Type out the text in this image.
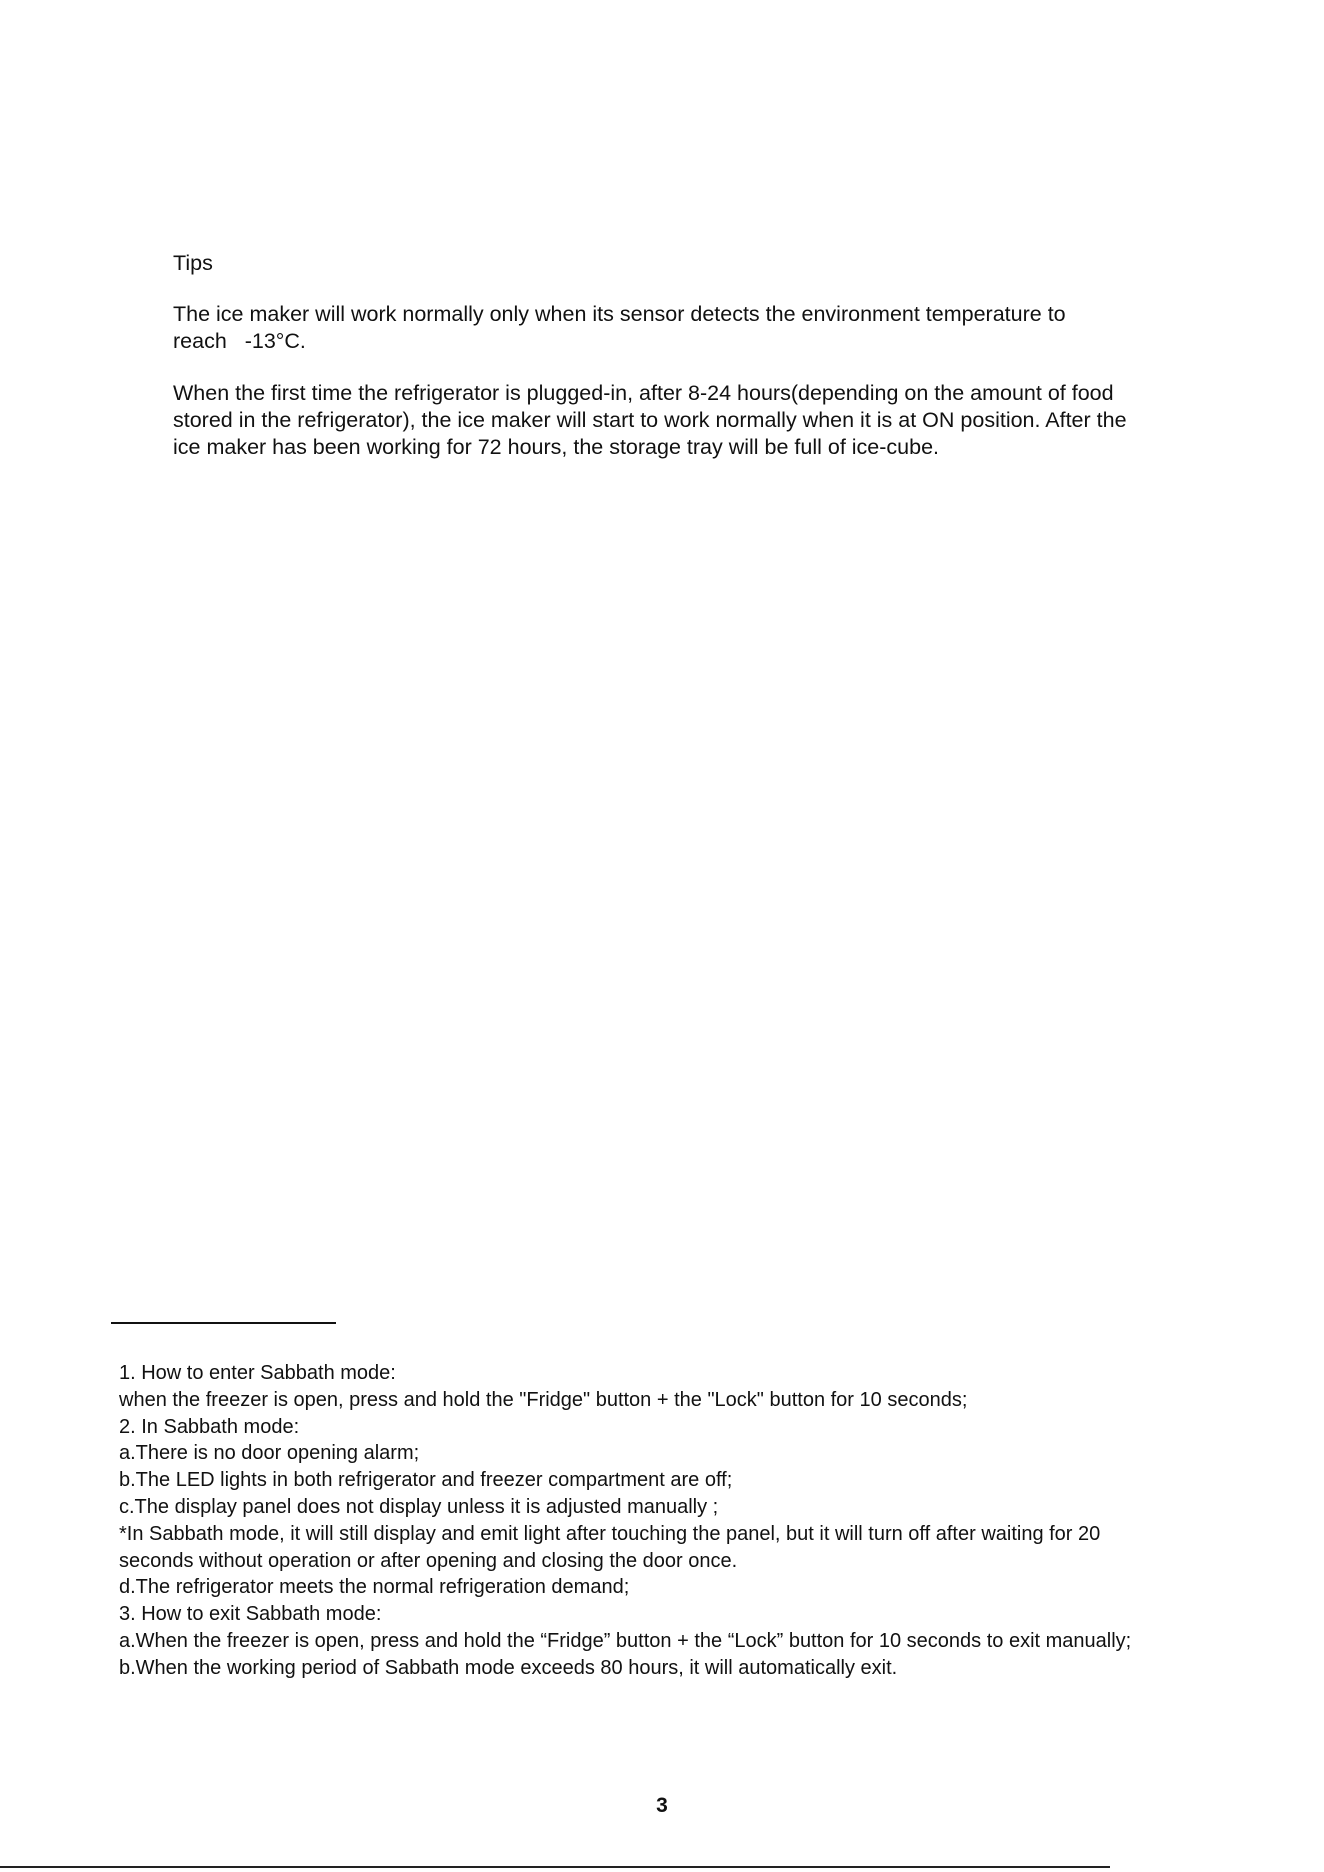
Tips
The ice maker will work normally only when its sensor detects the environment temperature to
reach   -13°C.
When the first time the refrigerator is plugged-in, after 8-24 hours(depending on the amount of food
stored in the refrigerator), the ice maker will start to work normally when it is at ON position. After the
ice maker has been working for 72 hours, the storage tray will be full of ice-cube.
1. How to enter Sabbath mode:
when the freezer is open, press and hold the "Fridge" button + the "Lock" button for 10 seconds;
2. In Sabbath mode:
a.There is no door opening alarm;
b.The LED lights in both refrigerator and freezer compartment are off;
c.The display panel does not display unless it is adjusted manually ;
*In Sabbath mode, it will still display and emit light after touching the panel, but it will turn off after waiting for 20
seconds without operation or after opening and closing the door once.
d.The refrigerator meets the normal refrigeration demand;
3. How to exit Sabbath mode:
a.When the freezer is open, press and hold the “Fridge” button + the “Lock” button for 10 seconds to exit manually;
b.When the working period of Sabbath mode exceeds 80 hours, it will automatically exit.
3
